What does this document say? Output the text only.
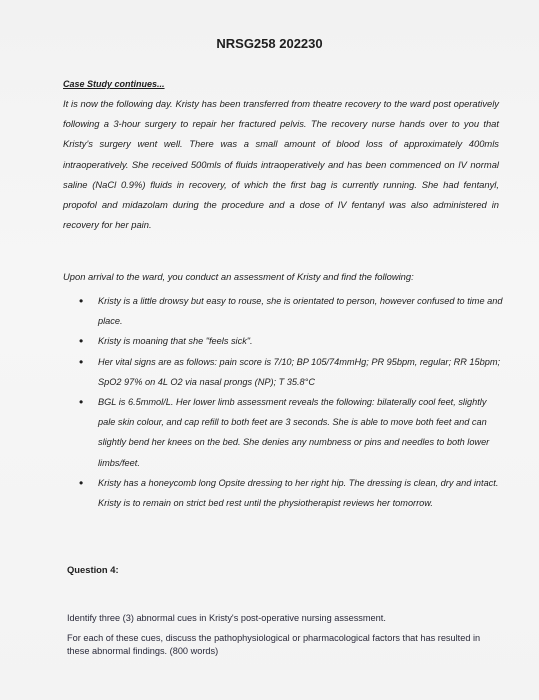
NRSG258 202230
Case Study continues...
It is now the following day. Kristy has been transferred from theatre recovery to the ward post operatively following a 3-hour surgery to repair her fractured pelvis. The recovery nurse hands over to you that Kristy's surgery went well. There was a small amount of blood loss of approximately 400mls intraoperatively. She received 500mls of fluids intraoperatively and has been commenced on IV normal saline (NaCl 0.9%) fluids in recovery, of which the first bag is currently running. She had fentanyl, propofol and midazolam during the procedure and a dose of IV fentanyl was also administered in recovery for her pain.
Upon arrival to the ward, you conduct an assessment of Kristy and find the following:
• Kristy is a little drowsy but easy to rouse, she is orientated to person, however confused to time and place.
• Kristy is moaning that she "feels sick".
• Her vital signs are as follows: pain score is 7/10; BP 105/74mmHg; PR 95bpm, regular; RR 15bpm; SpO2 97% on 4L O2 via nasal prongs (NP); T 35.8°C
• BGL is 6.5mmol/L. Her lower limb assessment reveals the following: bilaterally cool feet, slightly pale skin colour, and cap refill to both feet are 3 seconds. She is able to move both feet and can slightly bend her knees on the bed. She denies any numbness or pins and needles to both lower limbs/feet.
• Kristy has a honeycomb long Opsite dressing to her right hip. The dressing is clean, dry and intact. Kristy is to remain on strict bed rest until the physiotherapist reviews her tomorrow.
Question 4:
Identify three (3) abnormal cues in Kristy's post-operative nursing assessment.
For each of these cues, discuss the pathophysiological or pharmacological factors that has resulted in these abnormal findings. (800 words)
